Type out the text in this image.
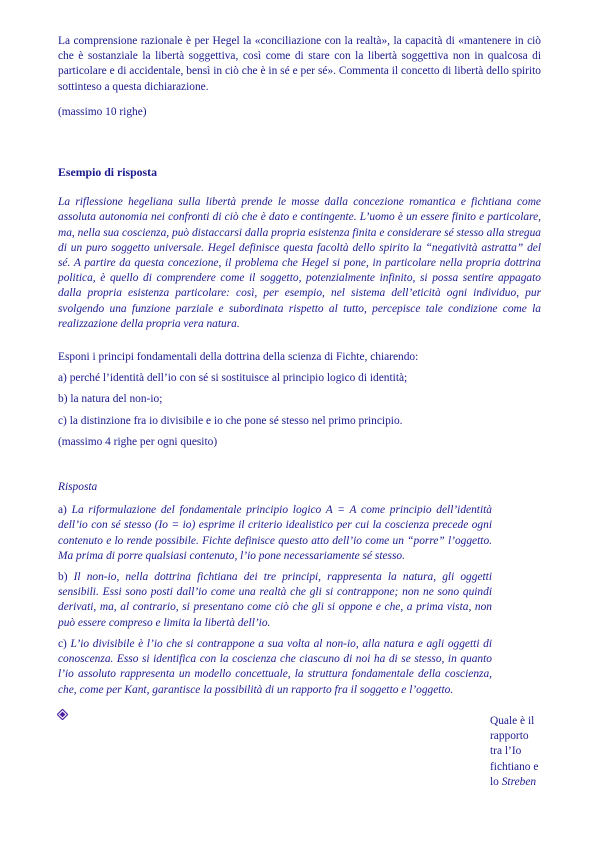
La comprensione razionale è per Hegel la «conciliazione con la realtà», la capacità di «mantenere in ciò che è sostanziale la libertà soggettiva, così come di stare con la libertà soggettiva non in qualcosa di particolare e di accidentale, bensì in ciò che è in sé e per sé». Commenta il concetto di libertà dello spirito sottinteso a questa dichiarazione.

(massimo 10 righe)

Esempio di risposta

La riflessione hegeliana sulla libertà prende le mosse dalla concezione romantica e fichtiana come assoluta autonomia nei confronti di ciò che è dato e contingente. L’uomo è un essere finito e particolare, ma, nella sua coscienza, può distaccarsi dalla propria esistenza finita e considerare sé stesso alla stregua di un puro soggetto universale. Hegel definisce questa facoltà dello spirito la “negatività astratta” del sé. A partire da questa concezione, il problema che Hegel si pone, in particolare nella propria dottrina politica, è quello di comprendere come il soggetto, potenzialmente infinito, si possa sentire appagato dalla propria esistenza particolare: così, per esempio, nel sistema dell’eticità ogni individuo, pur svolgendo una funzione parziale e subordinata rispetto al tutto, percepisce tale condizione come la realizzazione della propria vera natura.

Esponi i principi fondamentali della dottrina della scienza di Fichte, chiarendo:

a) perché l’identità dell’io con sé si sostituisce al principio logico di identità;

b) la natura del non-io;

c) la distinzione fra io divisibile e io che pone sé stesso nel primo principio.

(massimo 4 righe per ogni quesito)

Risposta

a) La riformulazione del fondamentale principio logico A = A come principio dell’identità dell’io con sé stesso (Io = io) esprime il criterio idealistico per cui la coscienza precede ogni contenuto e lo rende possibile. Fichte definisce questo atto dell’io come un “porre” l’oggetto. Ma prima di porre qualsiasi contenuto, l’io pone necessariamente sé stesso.

b) Il non-io, nella dottrina fichtiana dei tre principi, rappresenta la natura, gli oggetti sensibili. Essi sono posti dall’io come una realtà che gli si contrappone; non ne sono quindi derivati, ma, al contrario, si presentano come ciò che gli si oppone e che, a prima vista, non può essere compreso e limita la libertà dell’io.

c) L’io divisibile è l’io che si contrappone a sua volta al non-io, alla natura e agli oggetti di conoscenza. Esso si identifica con la coscienza che ciascuno di noi ha di se stesso, in quanto l’io assoluto rappresenta un modello concettuale, la struttura fondamentale della coscienza, che, come per Kant, garantisce la possibilità di un rapporto fra il soggetto e l’oggetto.

Quale è il rapporto tra l’Io fichtiano e lo Streben
